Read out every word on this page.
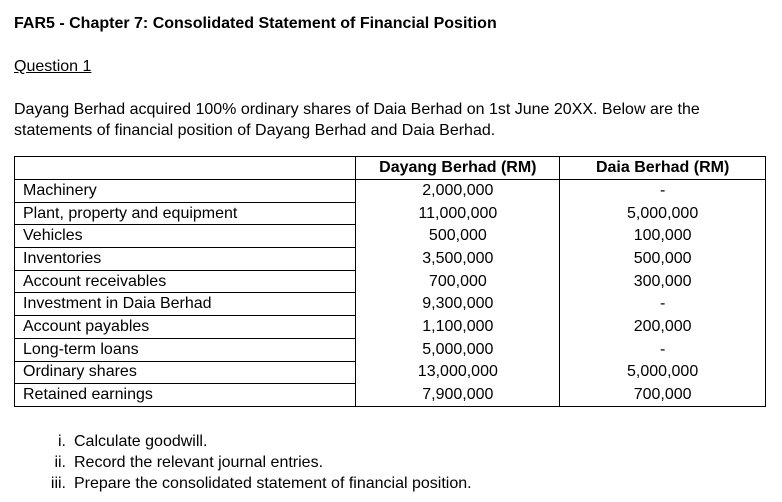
FAR5 - Chapter 7: Consolidated Statement of Financial Position
Question 1
Dayang Berhad acquired 100% ordinary shares of Daia Berhad on 1st June 20XX. Below are the statements of financial position of Dayang Berhad and Daia Berhad.
	Dayang Berhad (RM)	Daia Berhad (RM)
Machinery	2,000,000	-
Plant, property and equipment	11,000,000	5,000,000
Vehicles	500,000	100,000
Inventories	3,500,000	500,000
Account receivables	700,000	300,000
Investment in Daia Berhad	9,300,000	-
Account payables	1,100,000	200,000
Long-term loans	5,000,000	-
Ordinary shares	13,000,000	5,000,000
Retained earnings	7,900,000	700,000
i. Calculate goodwill.
ii. Record the relevant journal entries.
iii. Prepare the consolidated statement of financial position.
